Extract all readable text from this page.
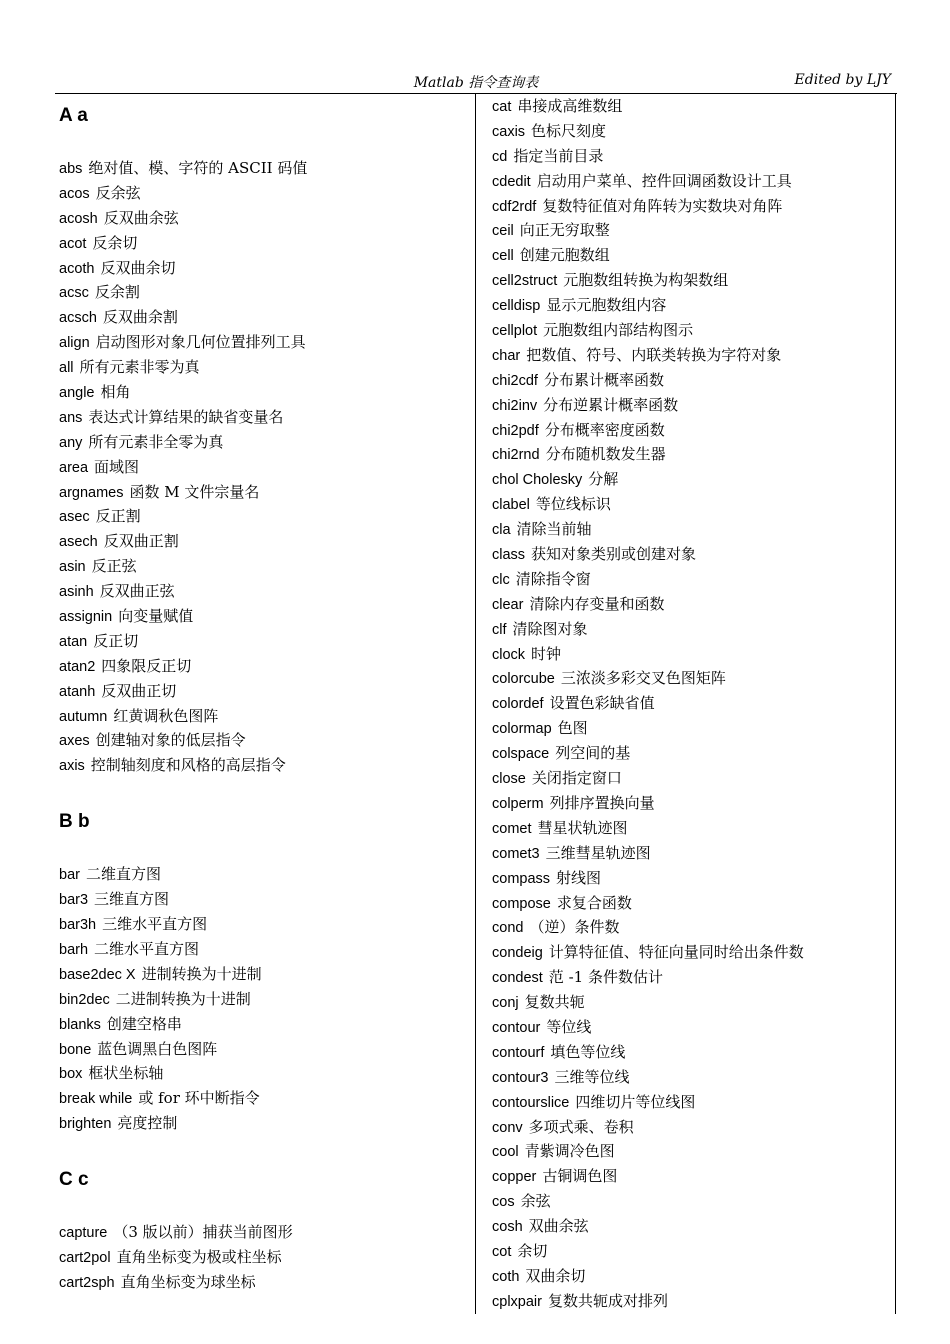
Matlab 指令查询表	Edited by LJY
A a
abs 绝对值、模、字符的 ASCII 码值
acos 反余弦
acosh 反双曲余弦
acot 反余切
acoth 反双曲余切
acsc 反余割
acsch 反双曲余割
align 启动图形对象几何位置排列工具
all 所有元素非零为真
angle 相角
ans 表达式计算结果的缺省变量名
any 所有元素非全零为真
area 面域图
argnames 函数 M 文件宗量名
asec 反正割
asech 反双曲正割
asin 反正弦
asinh 反双曲正弦
assignin 向变量赋值
atan 反正切
atan2 四象限反正切
atanh 反双曲正切
autumn 红黄调秋色图阵
axes 创建轴对象的低层指令
axis 控制轴刻度和风格的高层指令
B b
bar 二维直方图
bar3 三维直方图
bar3h 三维水平直方图
barh 二维水平直方图
base2dec X 进制转换为十进制
bin2dec 二进制转换为十进制
blanks 创建空格串
bone 蓝色调黑白色图阵
box 框状坐标轴
break while 或 for 环中断指令
brighten 亮度控制
C c
capture （3 版以前）捕获当前图形
cart2pol 直角坐标变为极或柱坐标
cart2sph 直角坐标变为球坐标
cat 串接成高维数组
caxis 色标尺刻度
cd 指定当前目录
cdedit 启动用户菜单、控件回调函数设计工具
cdf2rdf 复数特征值对角阵转为实数块对角阵
ceil 向正无穷取整
cell 创建元胞数组
cell2struct 元胞数组转换为构架数组
celldisp 显示元胞数组内容
cellplot 元胞数组内部结构图示
char 把数值、符号、内联类转换为字符对象
chi2cdf 分布累计概率函数
chi2inv 分布逆累计概率函数
chi2pdf 分布概率密度函数
chi2rnd 分布随机数发生器
chol Cholesky 分解
clabel 等位线标识
cla 清除当前轴
class 获知对象类别或创建对象
clc 清除指令窗
clear 清除内存变量和函数
clf 清除图对象
clock 时钟
colorcube 三浓淡多彩交叉色图矩阵
colordef 设置色彩缺省值
colormap 色图
colspace 列空间的基
close 关闭指定窗口
colperm 列排序置换向量
comet 彗星状轨迹图
comet3 三维彗星轨迹图
compass 射线图
compose 求复合函数
cond （逆）条件数
condeig 计算特征值、特征向量同时给出条件数
condest 范 -1 条件数估计
conj 复数共轭
contour 等位线
contourf 填色等位线
contour3 三维等位线
contourslice 四维切片等位线图
conv 多项式乘、卷积
cool 青紫调冷色图
copper 古铜调色图
cos 余弦
cosh 双曲余弦
cot 余切
coth 双曲余切
cplxpair 复数共轭成对排列
